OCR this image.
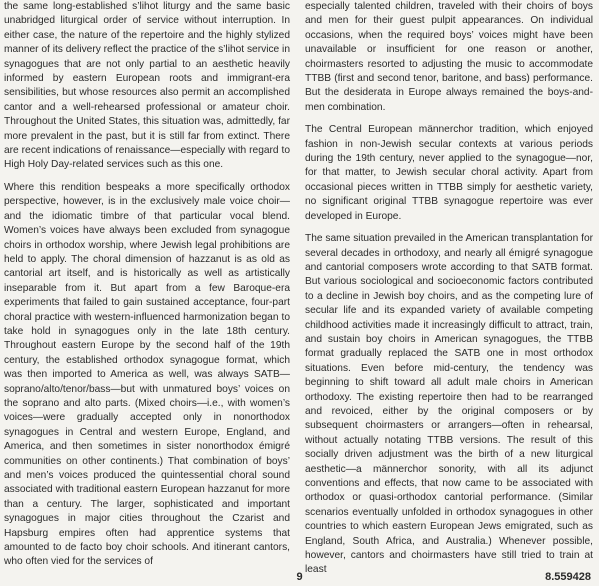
the same long-established s’lihot liturgy and the same basic unabridged liturgical order of service without interruption. In either case, the nature of the repertoire and the highly stylized manner of its delivery reflect the practice of the s’lihot service in synagogues that are not only partial to an aesthetic heavily informed by eastern European roots and immigrant-era sensibilities, but whose resources also permit an accomplished cantor and a well-rehearsed professional or amateur choir. Throughout the United States, this situation was, admittedly, far more prevalent in the past, but it is still far from extinct. There are recent indications of renaissance—especially with regard to High Holy Day-related services such as this one.

Where this rendition bespeaks a more specifically orthodox perspective, however, is in the exclusively male voice choir—and the idiomatic timbre of that particular vocal blend. Women’s voices have always been excluded from synagogue choirs in orthodox worship, where Jewish legal prohibitions are held to apply. The choral dimension of hazzanut is as old as cantorial art itself, and is historically as well as artistically inseparable from it. But apart from a few Baroque-era experiments that failed to gain sustained acceptance, four-part choral practice with western-influenced harmonization began to take hold in synagogues only in the late 18th century. Throughout eastern Europe by the second half of the 19th century, the established orthodox synagogue format, which was then imported to America as well, was always SATB—soprano/alto/tenor/bass—but with unmatured boys’ voices on the soprano and alto parts. (Mixed choirs—i.e., with women’s voices—were gradually accepted only in nonorthodox synagogues in Central and western Europe, England, and America, and then sometimes in sister nonorthodox émigré communities on other continents.) That combination of boys’ and men’s voices produced the quintessential choral sound associated with traditional eastern European hazzanut for more than a century. The larger, sophisticated and important synagogues in major cities throughout the Czarist and Hapsburg empires often had apprentice systems that amounted to de facto boy choir schools. And itinerant cantors, who often vied for the services of

especially talented children, traveled with their choirs of boys and men for their guest pulpit appearances. On individual occasions, when the required boys’ voices might have been unavailable or insufficient for one reason or another, choirmasters resorted to adjusting the music to accommodate TTBB (first and second tenor, baritone, and bass) performance. But the desiderata in Europe always remained the boys-and-men combination.

The Central European männerchor tradition, which enjoyed fashion in non-Jewish secular contexts at various periods during the 19th century, never applied to the synagogue—nor, for that matter, to Jewish secular choral activity. Apart from occasional pieces written in TTBB simply for aesthetic variety, no significant original TTBB synagogue repertoire was ever developed in Europe.

The same situation prevailed in the American transplantation for several decades in orthodoxy, and nearly all émigré synagogue and cantorial composers wrote according to that SATB format. But various sociological and socioeconomic factors contributed to a decline in Jewish boy choirs, and as the competing lure of secular life and its expanded variety of available competing childhood activities made it increasingly difficult to attract, train, and sustain boy choirs in American synagogues, the TTBB format gradually replaced the SATB one in most orthodox situations. Even before mid-century, the tendency was beginning to shift toward all adult male choirs in American orthodoxy. The existing repertoire then had to be rearranged and revoiced, either by the original composers or by subsequent choirmasters or arrangers—often in rehearsal, without actually notating TTBB versions. The result of this socially driven adjustment was the birth of a new liturgical aesthetic—a männerchor sonority, with all its adjunct conventions and effects, that now came to be associated with orthodox or quasi-orthodox cantorial performance. (Similar scenarios eventually unfolded in orthodox synagogues in other countries to which eastern European Jews emigrated, such as England, South Africa, and Australia.) Whenever possible, however, cantors and choirmasters have still tried to train at least

9	8.559428
